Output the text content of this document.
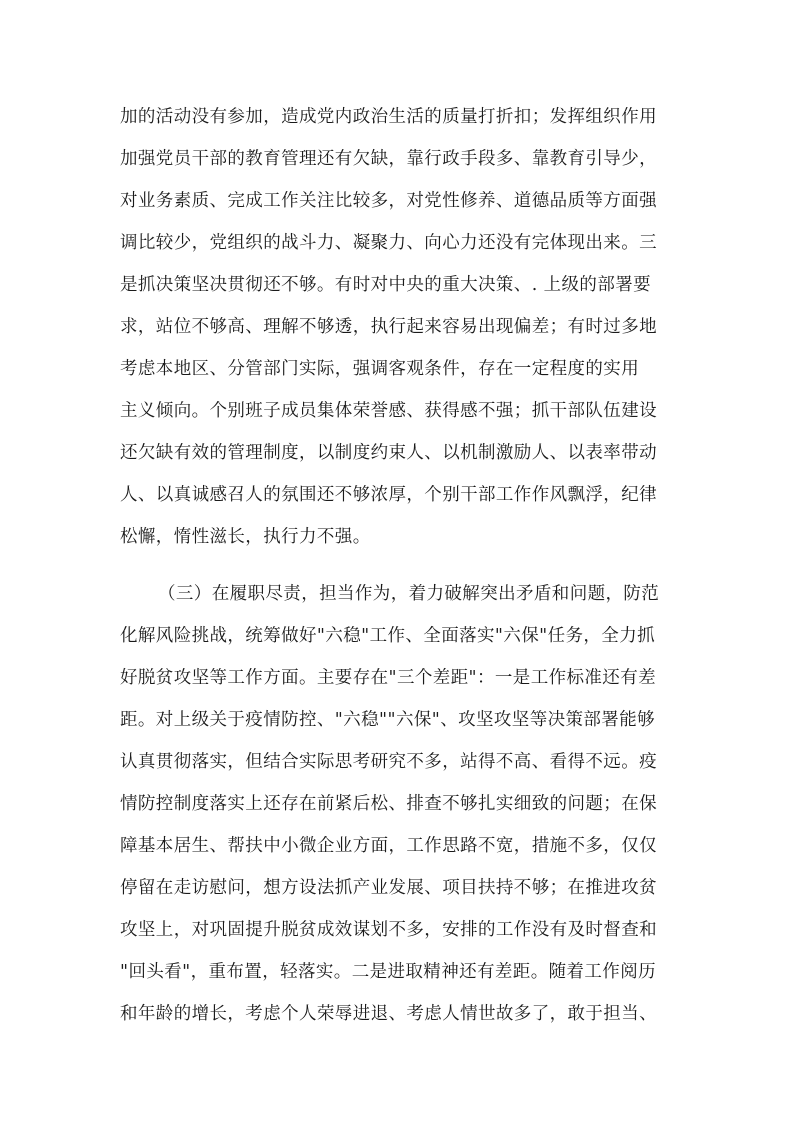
加的活动没有参加，造成党内政治生活的质量打折扣；发挥组织作用
加强党员干部的教育管理还有欠缺，靠行政手段多、靠教育引导少，
对业务素质、完成工作关注比较多，对党性修养、道德品质等方面强
调比较少，党组织的战斗力、凝聚力、向心力还没有完体现出来。三
是抓决策坚决贯彻还不够。有时对中央的重大决策、. 上级的部署要
求，站位不够高、理解不够透，执行起来容易出现偏差；有时过多地
考虑本地区、分管部门实际，强调客观条件，存在一定程度的实用
主义倾向。个别班子成员集体荣誉感、获得感不强；抓干部队伍建设
还欠缺有效的管理制度，以制度约束人、以机制激励人、以表率带动
人、以真诚感召人的氛围还不够浓厚，个别干部工作作风飘浮，纪律
松懈，惰性滋长，执行力不强。
（三）在履职尽责，担当作为，着力破解突出矛盾和问题，防范
化解风险挑战，统筹做好"六稳"工作、全面落实"六保"任务，全力抓
好脱贫攻坚等工作方面。主要存在"三个差距"：一是工作标准还有差
距。对上级关于疫情防控、"六稳""六保"、攻坚攻坚等决策部署能够
认真贯彻落实，但结合实际思考研究不多，站得不高、看得不远。疫
情防控制度落实上还存在前紧后松、排查不够扎实细致的问题；在保
障基本居生、帮扶中小微企业方面，工作思路不宽，措施不多，仅仅
停留在走访慰问，想方设法抓产业发展、项目扶持不够；在推进攻贫
攻坚上，对巩固提升脱贫成效谋划不多，安排的工作没有及时督查和
"回头看"，重布置，轻落实。二是进取精神还有差距。随着工作阅历
和年龄的增长，考虑个人荣辱进退、考虑人情世故多了，敢于担当、
